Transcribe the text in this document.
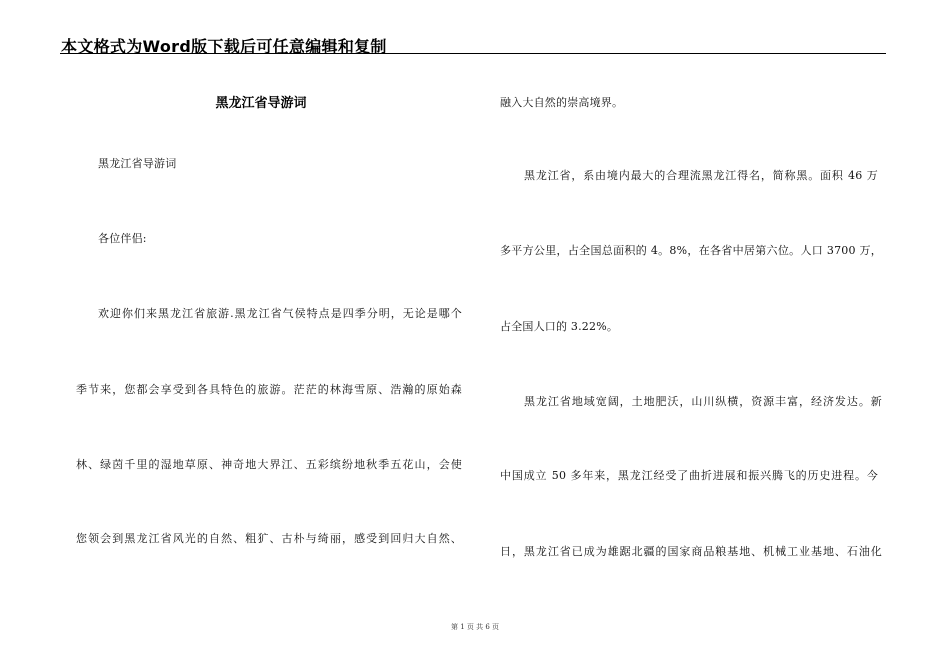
本文格式为Word版下载后可任意编辑和复制
黑龙江省导游词
黑龙江省导游词
各位伴侣:
欢迎你们来黑龙江省旅游.黑龙江省气侯特点是四季分明，无论是哪个
季节来，您都会享受到各具特色的旅游。茫茫的林海雪原、浩瀚的原始森
林、绿茵千里的湿地草原、神奇地大界江、五彩缤纷地秋季五花山，会使
您领会到黑龙江省风光的自然、粗犷、古朴与绮丽，感受到回归大自然、
融入大自然的崇高境界。
黑龙江省，系由境内最大的合理流黑龙江得名，简称黑。面积 46 万
多平方公里，占全国总面积的 4。8%，在各省中居第六位。人口 3700 万，
占全国人口的 3.22%。
黑龙江省地域宽阔，土地肥沃，山川纵横，资源丰富，经济发达。新
中国成立 50 多年来，黑龙江经受了曲折进展和振兴腾飞的历史进程。今
日，黑龙江省已成为雄踞北疆的国家商品粮基地、机械工业基地、石油化
第 1 页 共 6 页
